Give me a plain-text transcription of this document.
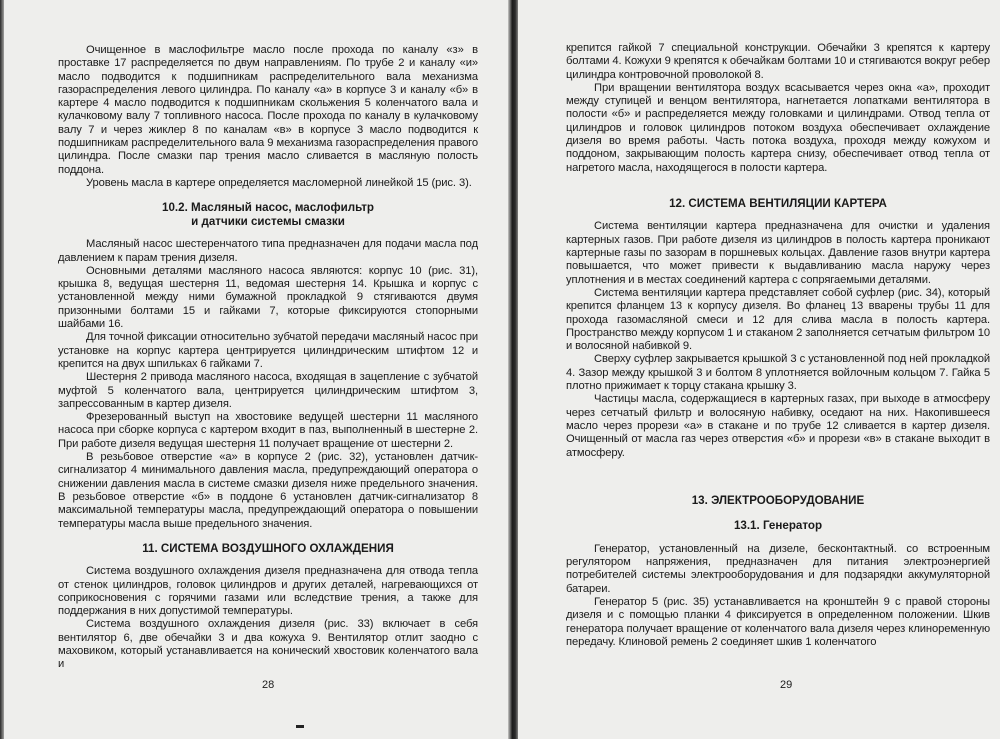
Очищенное в маслофильтре масло после прохода по каналу «з» в проставке 17 распределяется по двум направлениям. По трубе 2 и каналу «и» масло подводится к подшипникам распределительного вала механизма газораспределения левого цилиндра. По каналу «а» в корпусе 3 и каналу «б» в картере 4 масло подводится к подшипникам скольжения 5 коленчатого вала и кулачковому валу 7 топливного насоса. После прохода по каналу в кулачковому валу 7 и через жиклер 8 по каналам «в» в корпусе 3 масло подводится к подшипникам распределительного вала 9 механизма газораспределения правого цилиндра. После смазки пар трения масло сливается в масляную полость поддона.

Уровень масла в картере определяется масломерной линейкой 15 (рис. 3).

10.2. Масляный насос, маслофильтр
и датчики системы смазки

Масляный насос шестеренчатого типа предназначен для подачи масла под давлением к парам трения дизеля.

Основными деталями масляного насоса являются: корпус 10 (рис. 31), крышка 8, ведущая шестерня 11, ведомая шестерня 14. Крышка и корпус с установленной между ними бумажной прокладкой 9 стягиваются двумя призонными болтами 15 и гайками 7, которые фиксируются стопорными шайбами 16.

Для точной фиксации относительно зубчатой передачи масляный насос при установке на корпус картера центрируется цилиндрическим штифтом 12 и крепится на двух шпильках 6 гайками 7.

Шестерня 2 привода масляного насоса, входящая в зацепление с зубчатой муфтой 5 коленчатого вала, центрируется цилиндрическим штифтом 3, запрессованным в картер дизеля.

Фрезерованный выступ на хвостовике ведущей шестерни 11 масляного насоса при сборке корпуса с картером входит в паз, выполненный в шестерне 2. При работе дизеля ведущая шестерня 11 получает вращение от шестерни 2.

В резьбовое отверстие «а» в корпусе 2 (рис. 32), установлен датчик-сигнализатор 4 минимального давления масла, предупреждающий оператора о снижении давления масла в системе смазки дизеля ниже предельного значения. В резьбовое отверстие «б» в поддоне 6 установлен датчик-сигнализатор 8 максимальной температуры масла, предупреждающий оператора о повышении температуры масла выше предельного значения.

11. СИСТЕМА ВОЗДУШНОГО ОХЛАЖДЕНИЯ

Система воздушного охлаждения дизеля предназначена для отвода тепла от стенок цилиндров, головок цилиндров и других деталей, нагревающихся от соприкосновения с горячими газами или вследствие трения, а также для поддержания в них допустимой температуры.

Система воздушного охлаждения дизеля (рис. 33) включает в себя вентилятор 6, две обечайки 3 и два кожуха 9. Вентилятор отлит заодно с маховиком, который устанавливается на конический хвостовик коленчатого вала и

28

крепится гайкой 7 специальной конструкции. Обечайки 3 крепятся к картеру болтами 4. Кожухи 9 крепятся к обечайкам болтами 10 и стягиваются вокруг ребер цилиндра контровочной проволокой 8.

При вращении вентилятора воздух всасывается через окна «а», проходит между ступицей и венцом вентилятора, нагнетается лопатками вентилятора в полости «б» и распределяется между головками и цилиндрами. Отвод тепла от цилиндров и головок цилиндров потоком воздуха обеспечивает охлаждение дизеля во время работы. Часть потока воздуха, проходя между кожухом и поддоном, закрывающим полость картера снизу, обеспечивает отвод тепла от нагретого масла, находящегося в полости картера.

12. СИСТЕМА ВЕНТИЛЯЦИИ КАРТЕРА

Система вентиляции картера предназначена для очистки и удаления картерных газов. При работе дизеля из цилиндров в полость картера проникают картерные газы по зазорам в поршневых кольцах. Давление газов внутри картера повышается, что может привести к выдавливанию масла наружу через уплотнения и в местах соединений картера с сопрягаемыми деталями.

Система вентиляции картера представляет собой суфлер (рис. 34), который крепится фланцем 13 к корпусу дизеля. Во фланец 13 вварены трубы 11 для прохода газомасляной смеси и 12 для слива масла в полость картера. Пространство между корпусом 1 и стаканом 2 заполняется сетчатым фильтром 10 и волосяной набивкой 9.

Сверху суфлер закрывается крышкой 3 с установленной под ней прокладкой 4. Зазор между крышкой 3 и болтом 8 уплотняется войлочным кольцом 7. Гайка 5 плотно прижимает к торцу стакана крышку 3.

Частицы масла, содержащиеся в картерных газах, при выходе в атмосферу через сетчатый фильтр и волосяную набивку, оседают на них. Накопившееся масло через прорези «а» в стакане и по трубе 12 сливается в картер дизеля. Очищенный от масла газ через отверстия «б» и прорези «в» в стакане выходит в атмосферу.

13. ЭЛЕКТРООБОРУДОВАНИЕ
13.1. Генератор

Генератор, установленный на дизеле, бесконтактный. со встроенным регулятором напряжения, предназначен для питания электроэнергией потребителей системы электрооборудования и для подзарядки аккумуляторной батареи.

Генератор 5 (рис. 35) устанавливается на кронштейн 9 с правой стороны дизеля и с помощью планки 4 фиксируется в определенном положении. Шкив генератора получает вращение от коленчатого вала дизеля через клиноременную передачу. Клиновой ремень 2 соединяет шкив 1 коленчатого

29
